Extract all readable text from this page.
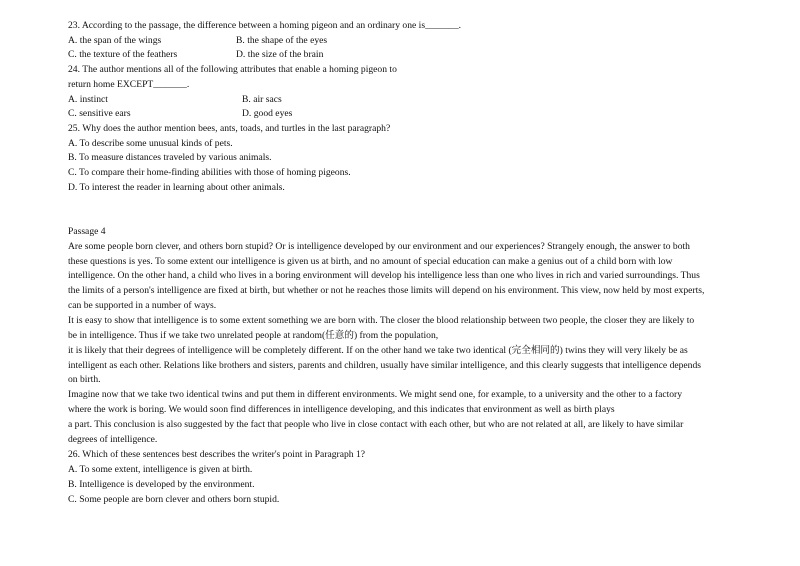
23. According to the passage, the difference between a homing pigeon and an ordinary one is_______.
A. the span of the wings	B. the shape of the eyes
C. the texture of the feathers	D. the size of the brain
24. The author mentions all of the following attributes that enable a homing pigeon to
return home EXCEPT_______.
A. instinct	B. air sacs
C. sensitive ears	D. good eyes
25. Why does the author mention bees, ants, toads, and turtles in the last paragraph?
A. To describe some unusual kinds of pets.
B. To measure distances traveled by various animals.
C. To compare their home-finding abilities with those of homing pigeons.
D. To interest the reader in learning about other animals.
Passage 4
Are some people born clever, and others born stupid? Or is intelligence developed by our environment and our experiences? Strangely enough, the answer to both
these questions is yes. To some extent our intelligence is given us at birth, and no amount of special education can make a genius out of a child born with low
intelligence. On the other hand, a child who lives in a boring environment will develop his intelligence less than one who lives in rich and varied surroundings. Thus
the limits of a person's intelligence are fixed at birth, but whether or not he reaches those limits will depend on his environment. This view, now held by most experts,
can be supported in a number of ways.
It is easy to show that intelligence is to some extent something we are born with. The closer the blood relationship between two people, the closer they are likely to
be in intelligence. Thus if we take two unrelated people at random(任意的) from the population,
it is likely that their degrees of intelligence will be completely different. If on the other hand we take two identical (完全相同的) twins they will very likely be as
intelligent as each other. Relations like brothers and sisters, parents and children, usually have similar intelligence, and this clearly suggests that intelligence depends
on birth.
Imagine now that we take two identical twins and put them in different environments. We might send one, for example, to a university and the other to a factory
where the work is boring. We would soon find differences in intelligence developing, and this indicates that environment as well as birth plays
a part. This conclusion is also suggested by the fact that people who live in close contact with each other, but who are not related at all, are likely to have similar
degrees of intelligence.
26. Which of these sentences best describes the writer's point in Paragraph 1?
A. To some extent, intelligence is given at birth.
B. Intelligence is developed by the environment.
C. Some people are born clever and others born stupid.
